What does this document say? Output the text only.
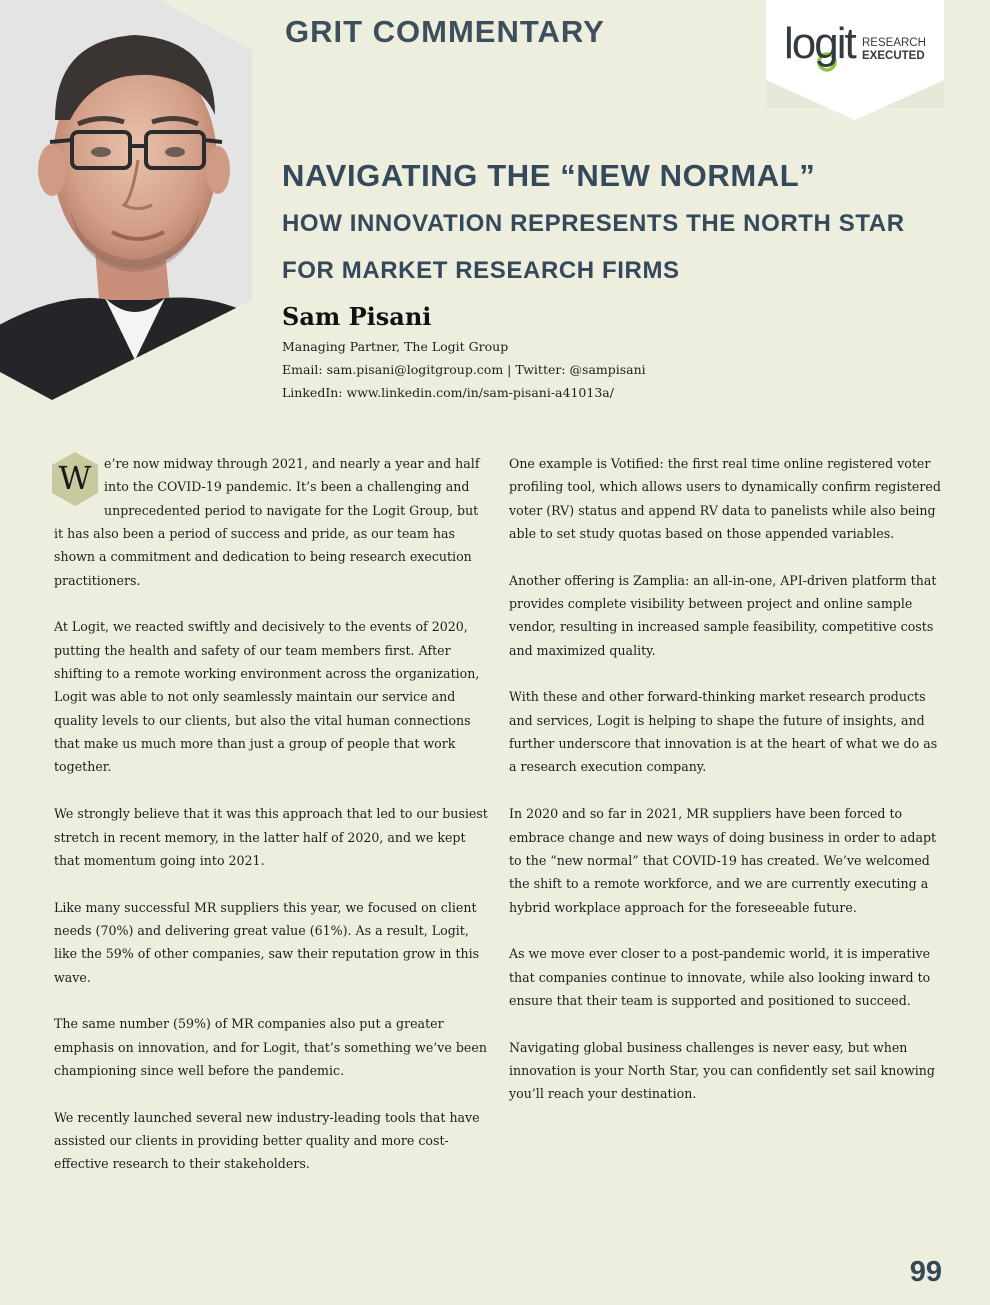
GRIT COMMENTARY	logit RESEARCH
EXECUTED
NAVIGATING THE “NEW NORMAL”
HOW INNOVATION REPRESENTS THE NORTH STAR
FOR MARKET RESEARCH FIRMS
Sam Pisani
Managing Partner, The Logit Group
Email: sam.pisani@logitgroup.com | Twitter: @sampisani
LinkedIn: www.linkedin.com/in/sam-pisani-a41013a/

W e’re now midway through 2021, and nearly a year and half into the COVID-19 pandemic. It’s been a challenging and unprecedented period to navigate for the Logit Group, but it has also been a period of success and pride, as our team has shown a commitment and dedication to being research execution practitioners.

At Logit, we reacted swiftly and decisively to the events of 2020, putting the health and safety of our team members first. After shifting to a remote working environment across the organization, Logit was able to not only seamlessly maintain our service and quality levels to our clients, but also the vital human connections that make us much more than just a group of people that work together.

We strongly believe that it was this approach that led to our busiest stretch in recent memory, in the latter half of 2020, and we kept that momentum going into 2021.

Like many successful MR suppliers this year, we focused on client needs (70%) and delivering great value (61%). As a result, Logit, like the 59% of other companies, saw their reputation grow in this wave.

The same number (59%) of MR companies also put a greater emphasis on innovation, and for Logit, that’s something we’ve been championing since well before the pandemic.

We recently launched several new industry-leading tools that have assisted our clients in providing better quality and more cost-effective research to their stakeholders.

One example is Votified: the first real time online registered voter profiling tool, which allows users to dynamically confirm registered voter (RV) status and append RV data to panelists while also being able to set study quotas based on those appended variables.

Another offering is Zamplia: an all-in-one, API-driven platform that provides complete visibility between project and online sample vendor, resulting in increased sample feasibility, competitive costs and maximized quality.

With these and other forward-thinking market research products and services, Logit is helping to shape the future of insights, and further underscore that innovation is at the heart of what we do as a research execution company.

In 2020 and so far in 2021, MR suppliers have been forced to embrace change and new ways of doing business in order to adapt to the “new normal” that COVID-19 has created. We’ve welcomed the shift to a remote workforce, and we are currently executing a hybrid workplace approach for the foreseeable future.

As we move ever closer to a post-pandemic world, it is imperative that companies continue to innovate, while also looking inward to ensure that their team is supported and positioned to succeed.

Navigating global business challenges is never easy, but when innovation is your North Star, you can confidently set sail knowing you’ll reach your destination.

99
